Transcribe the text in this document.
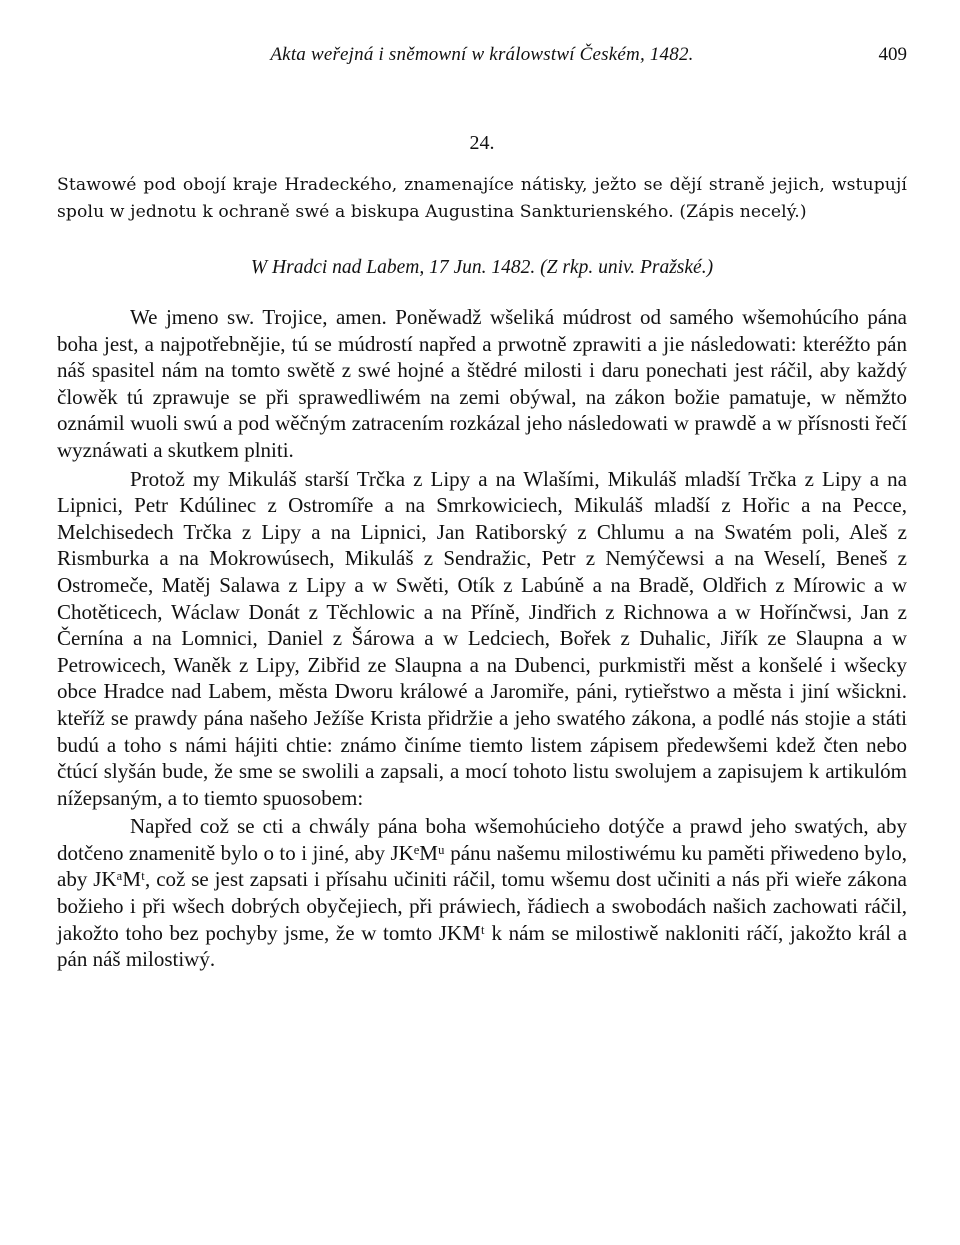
Akta weřejná i sněmowní w králowstwí Českém, 1482.	409
24.

Stawowé pod obojí kraje Hradeckého, znamenajíce nátisky, ježto se dějí straně jejich, wstupují spolu w jednotu k ochraně swé a biskupa Augustina Sankturienského. (Zápis necelý.)

W Hradci nad Labem, 17 Jun. 1482. (Z rkp. univ. Pražské.)

We jmeno sw. Trojice, amen. Poněwadž wšeliká múdrost od samého wšemohúcího pána boha jest, a najpotřebnějie, tú se múdrostí napřed a prwotně zprawiti a jie následowati: kteréžto pán náš spasitel nám na tomto swětě z swé hojné a štědré milosti i daru ponechati jest ráčil, aby každý člowěk tú zprawuje se při sprawedliwém na zemi obýwal, na zákon božie pamatuje, w němžto oznámil wuoli swú a pod wěčným zatracením rozkázal jeho následowati w prawdě a w přísnosti řečí wyznáwati a skutkem plniti.

Protož my Mikuláš starší Trčka z Lipy a na Wlašími, Mikuláš mladší Trčka z Lipy a na Lipnici, Petr Kdúlinec z Ostromíře a na Smrkowiciech, Mikuláš mladší z Hořic a na Pecce, Melchisedech Trčka z Lipy a na Lipnici, Jan Ratiborský z Chlumu a na Swatém poli, Aleš z Rismburka a na Mokrowúsech, Mikuláš z Sendražic, Petr z Nemýčewsi a na Weselí, Beneš z Ostromeče, Matěj Salawa z Lipy a w Swěti, Otík z Labúně a na Bradě, Oldřich z Mírowic a w Chotěticech, Wáclaw Donát z Těchlowic a na Příně, Jindřich z Richnowa a w Hořínčwsi, Jan z Černína a na Lomnici, Daniel z Šárowa a w Ledciech, Bořek z Duhalic, Jiřík ze Slaupna a w Petrowicech, Waněk z Lipy, Zibřid ze Slaupna a na Dubenci, purkmistři měst a konšelé i wšecky obce Hradce nad Labem, města Dworu králowé a Jaromiře, páni, rytieřstwo a města i jiní wšickni. kteříž se prawdy pána našeho Ježíše Krista přidržie a jeho swatého zákona, a podlé nás stojie a státi budú a toho s námi hájiti chtie: známo činíme tiemto listem zápisem předewšemi kdež čten nebo čtúcí slyšán bude, že sme se swolili a zapsali, a mocí tohoto listu swolujem a zapisujem k artikulóm nížepsaným, a to tiemto spuosobem:

Napřed což se cti a chwály pána boha wšemohúcieho dotýče a prawd jeho swatých, aby dotčeno znamenitě bylo o to i jiné, aby JKᵉMᵘ pánu našemu milostiwému ku paměti přiwedeno bylo, aby JKᵃMᵗ, což se jest zapsati i přísahu učiniti ráčil, tomu wšemu dost učiniti a nás při wieře zákona božieho i při wšech dobrých obyčejiech, při práwiech, řádiech a swobodách našich zachowati ráčil, jakožto toho bez pochyby jsme, že w tomto JKMᵗ k nám se milostiwě nakloniti ráčí, jakožto král a pán náš milostiwý.
